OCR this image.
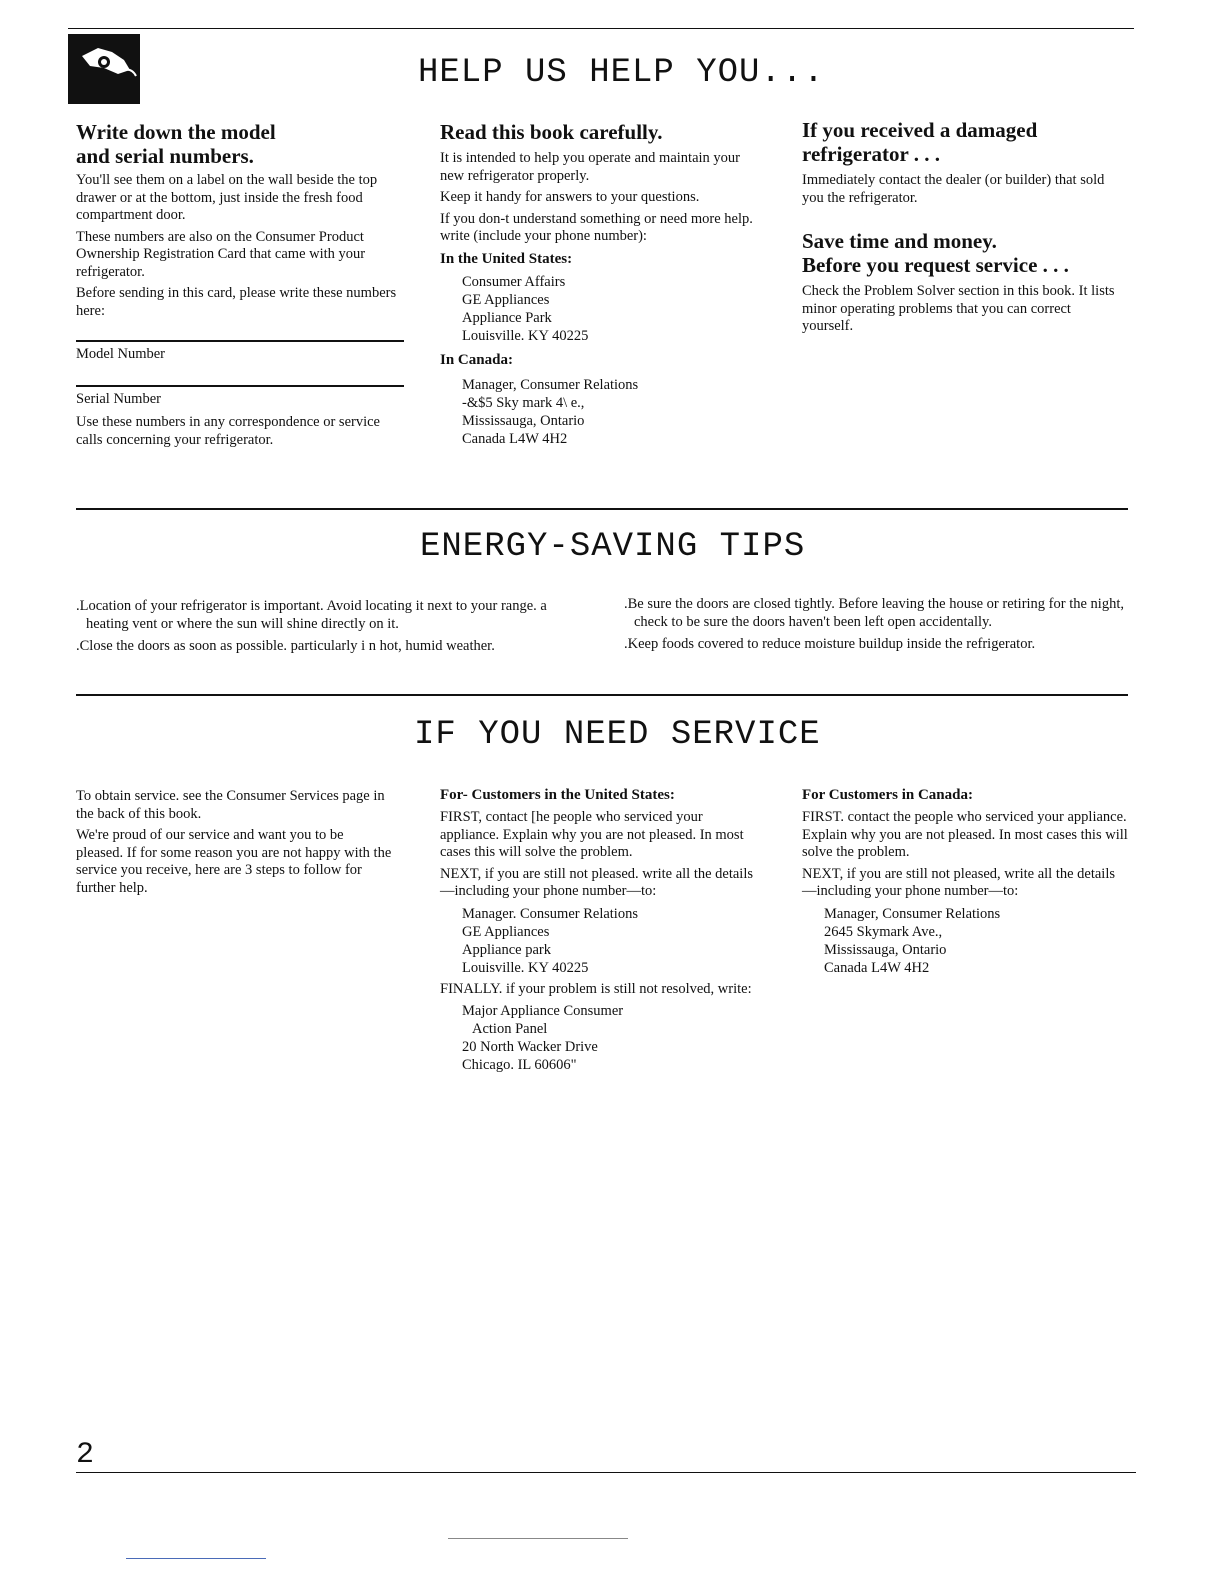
HELP US HELP YOU...

Write down the model

and serial numbers.

You'll see them on a label on the wall beside the top drawer or at the bottom, just inside the fresh food compartment door.

These numbers are also on the Consumer Product Ownership Registration Card that came with your refrigerator.

Before sending in this card, please write these numbers here:

Model Number
Serial Number

Use these numbers in any correspondence or service calls concerning your refrigerator.

Read this book carefully.

It is intended to help you operate and maintain your new refrigerator properly.

Keep it handy for answers to your questions.

If you don-t understand something or need more help. write (include your phone number):

In the United States:

Consumer Affairs
GE Appliances
Appliance Park
Louisville. KY 40225

In Canada:

Manager, Consumer Relations
-&$5 Sky mark 4\ e.,
Mississauga, Ontario
Canada L4W 4H2

If you received a damaged

refrigerator . . .

Immediately contact the dealer (or builder) that sold you the refrigerator.

Save time and money.

Before you request service . . .

Check the Problem Solver section in this book. It lists minor operating problems that you can correct yourself.

ENERGY-SAVING TIPS

.Location of your refrigerator is important. Avoid locating it next to your range. a heating vent or where the sun will shine directly on it.

.Close the doors as soon as possible. particularly i n hot, humid weather.

.Be sure the doors are closed tightly. Before leaving the house or retiring for the night, check to be sure the doors haven't been left open accidentally.

.Keep foods covered to reduce moisture buildup inside the refrigerator.

IF YOU NEED SERVICE

To obtain service. see the Consumer Services page in the back of this book.

We're proud of our service and want you to be pleased. If for some reason you are not happy with the service you receive, here are 3 steps to follow for further help.

For- Customers in the United States:

FIRST, contact [he people who serviced your appliance. Explain why you are not pleased. In most cases this will solve the problem.

NEXT, if you are still not pleased. write all the details—including your phone number—to:

Manager. Consumer Relations
GE Appliances
Appliance park
Louisville. KY 40225

FINALLY. if your problem is still not resolved, write:

Major Appliance Consumer
Action Panel
20 North Wacker Drive
Chicago. IL 60606"

For Customers in Canada:

FIRST. contact the people who serviced your appliance. Explain why you are not pleased. In most cases this will solve the problem.

NEXT, if you are still not pleased, write all the details—including your phone number—to:

Manager, Consumer Relations
2645 Skymark Ave.,
Mississauga, Ontario
Canada L4W 4H2
2
